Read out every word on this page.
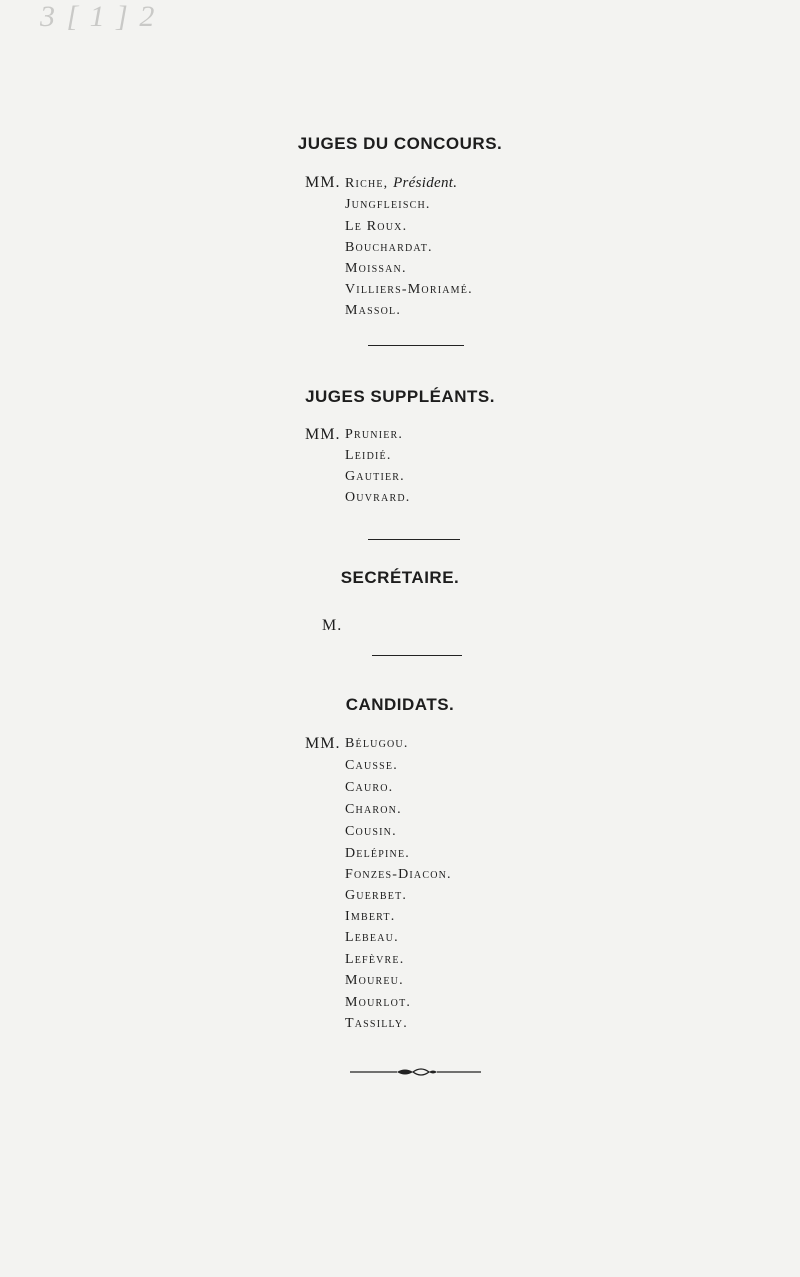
3 [ 1 ] 2
JUGES DU CONCOURS.
MM. Riche, Président.
Jungfleisch.
Le Roux.
Bouchardat.
Moissan.
Villiers-Moriamé.
Massol.
JUGES SUPPLÉANTS.
MM. Prunier.
Leidié.
Gautier.
Ouvrard.
SECRÉTAIRE.
M.
CANDIDATS.
MM. Bélugou.
Causse.
Cauro.
Charon.
Cousin.
Delépine.
Fonzes-Diacon.
Guerbet.
Imbert.
Lebeau.
Lefèvre.
Moureu.
Mourlot.
Tassilly.
